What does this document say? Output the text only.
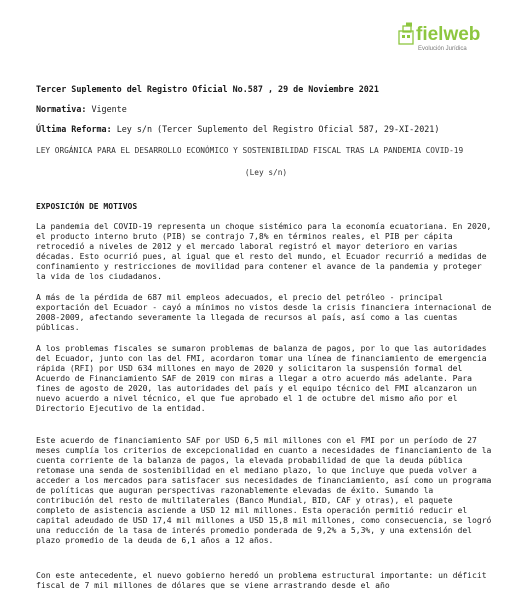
fielweb
Evolución Jurídica
Tercer Suplemento del Registro Oficial No.587 , 29 de Noviembre 2021
Normativa: Vigente
Última Reforma: Ley s/n (Tercer Suplemento del Registro Oficial 587, 29-XI-2021)
LEY ORGÁNICA PARA EL DESARROLLO ECONÓMICO Y SOSTENIBILIDAD FISCAL TRAS LA PANDEMIA COVID-19
(Ley s/n)
EXPOSICIÓN DE MOTIVOS
La pandemia del COVID-19 representa un choque sistémico para la economía ecuatoriana. En 2020, el producto interno bruto (PIB) se contrajo 7,8% en términos reales, el PIB per cápita retrocedió a niveles de 2012 y el mercado laboral registró el mayor deterioro en varias décadas. Esto ocurrió pues, al igual que el resto del mundo, el Ecuador recurrió a medidas de confinamiento y restricciones de movilidad para contener el avance de la pandemia y proteger la vida de los ciudadanos.
A más de la pérdida de 687 mil empleos adecuados, el precio del petróleo - principal exportación del Ecuador - cayó a mínimos no vistos desde la crisis financiera internacional de 2008-2009, afectando severamente la llegada de recursos al país, así como a las cuentas públicas.
A los problemas fiscales se sumaron problemas de balanza de pagos, por lo que las autoridades del Ecuador, junto con las del FMI, acordaron tomar una línea de financiamiento de emergencia rápida (RFI) por USD 634 millones en mayo de 2020 y solicitaron la suspensión formal del Acuerdo de Financiamiento SAF de 2019 con miras a llegar a otro acuerdo más adelante. Para fines de agosto de 2020, las autoridades del país y el equipo técnico del FMI alcanzaron un nuevo acuerdo a nivel técnico, el que fue aprobado el 1 de octubre del mismo año por el Directorio Ejecutivo de la entidad.
Este acuerdo de financiamiento SAF por USD 6,5 mil millones con el FMI por un período de 27 meses cumplía los criterios de excepcionalidad en cuanto a necesidades de financiamiento de la cuenta corriente de la balanza de pagos, la elevada probabilidad de que la deuda pública retomase una senda de sostenibilidad en el mediano plazo, lo que incluye que pueda volver a acceder a los mercados para satisfacer sus necesidades de financiamiento, así como un programa de políticas que auguran perspectivas razonablemente elevadas de éxito. Sumando la contribución del resto de multilaterales (Banco Mundial, BID, CAF y otras), el paquete completo de asistencia asciende a USD 12 mil millones. Esta operación permitió reducir el capital adeudado de USD 17,4 mil millones a USD 15,8 mil millones, como consecuencia, se logró una reducción de la tasa de interés promedio ponderada de 9,2% a 5,3%, y una extensión del plazo promedio de la deuda de 6,1 años a 12 años.
Con este antecedente, el nuevo gobierno heredó un problema estructural importante: un déficit fiscal de 7 mil millones de dólares que se viene arrastrando desde el año
